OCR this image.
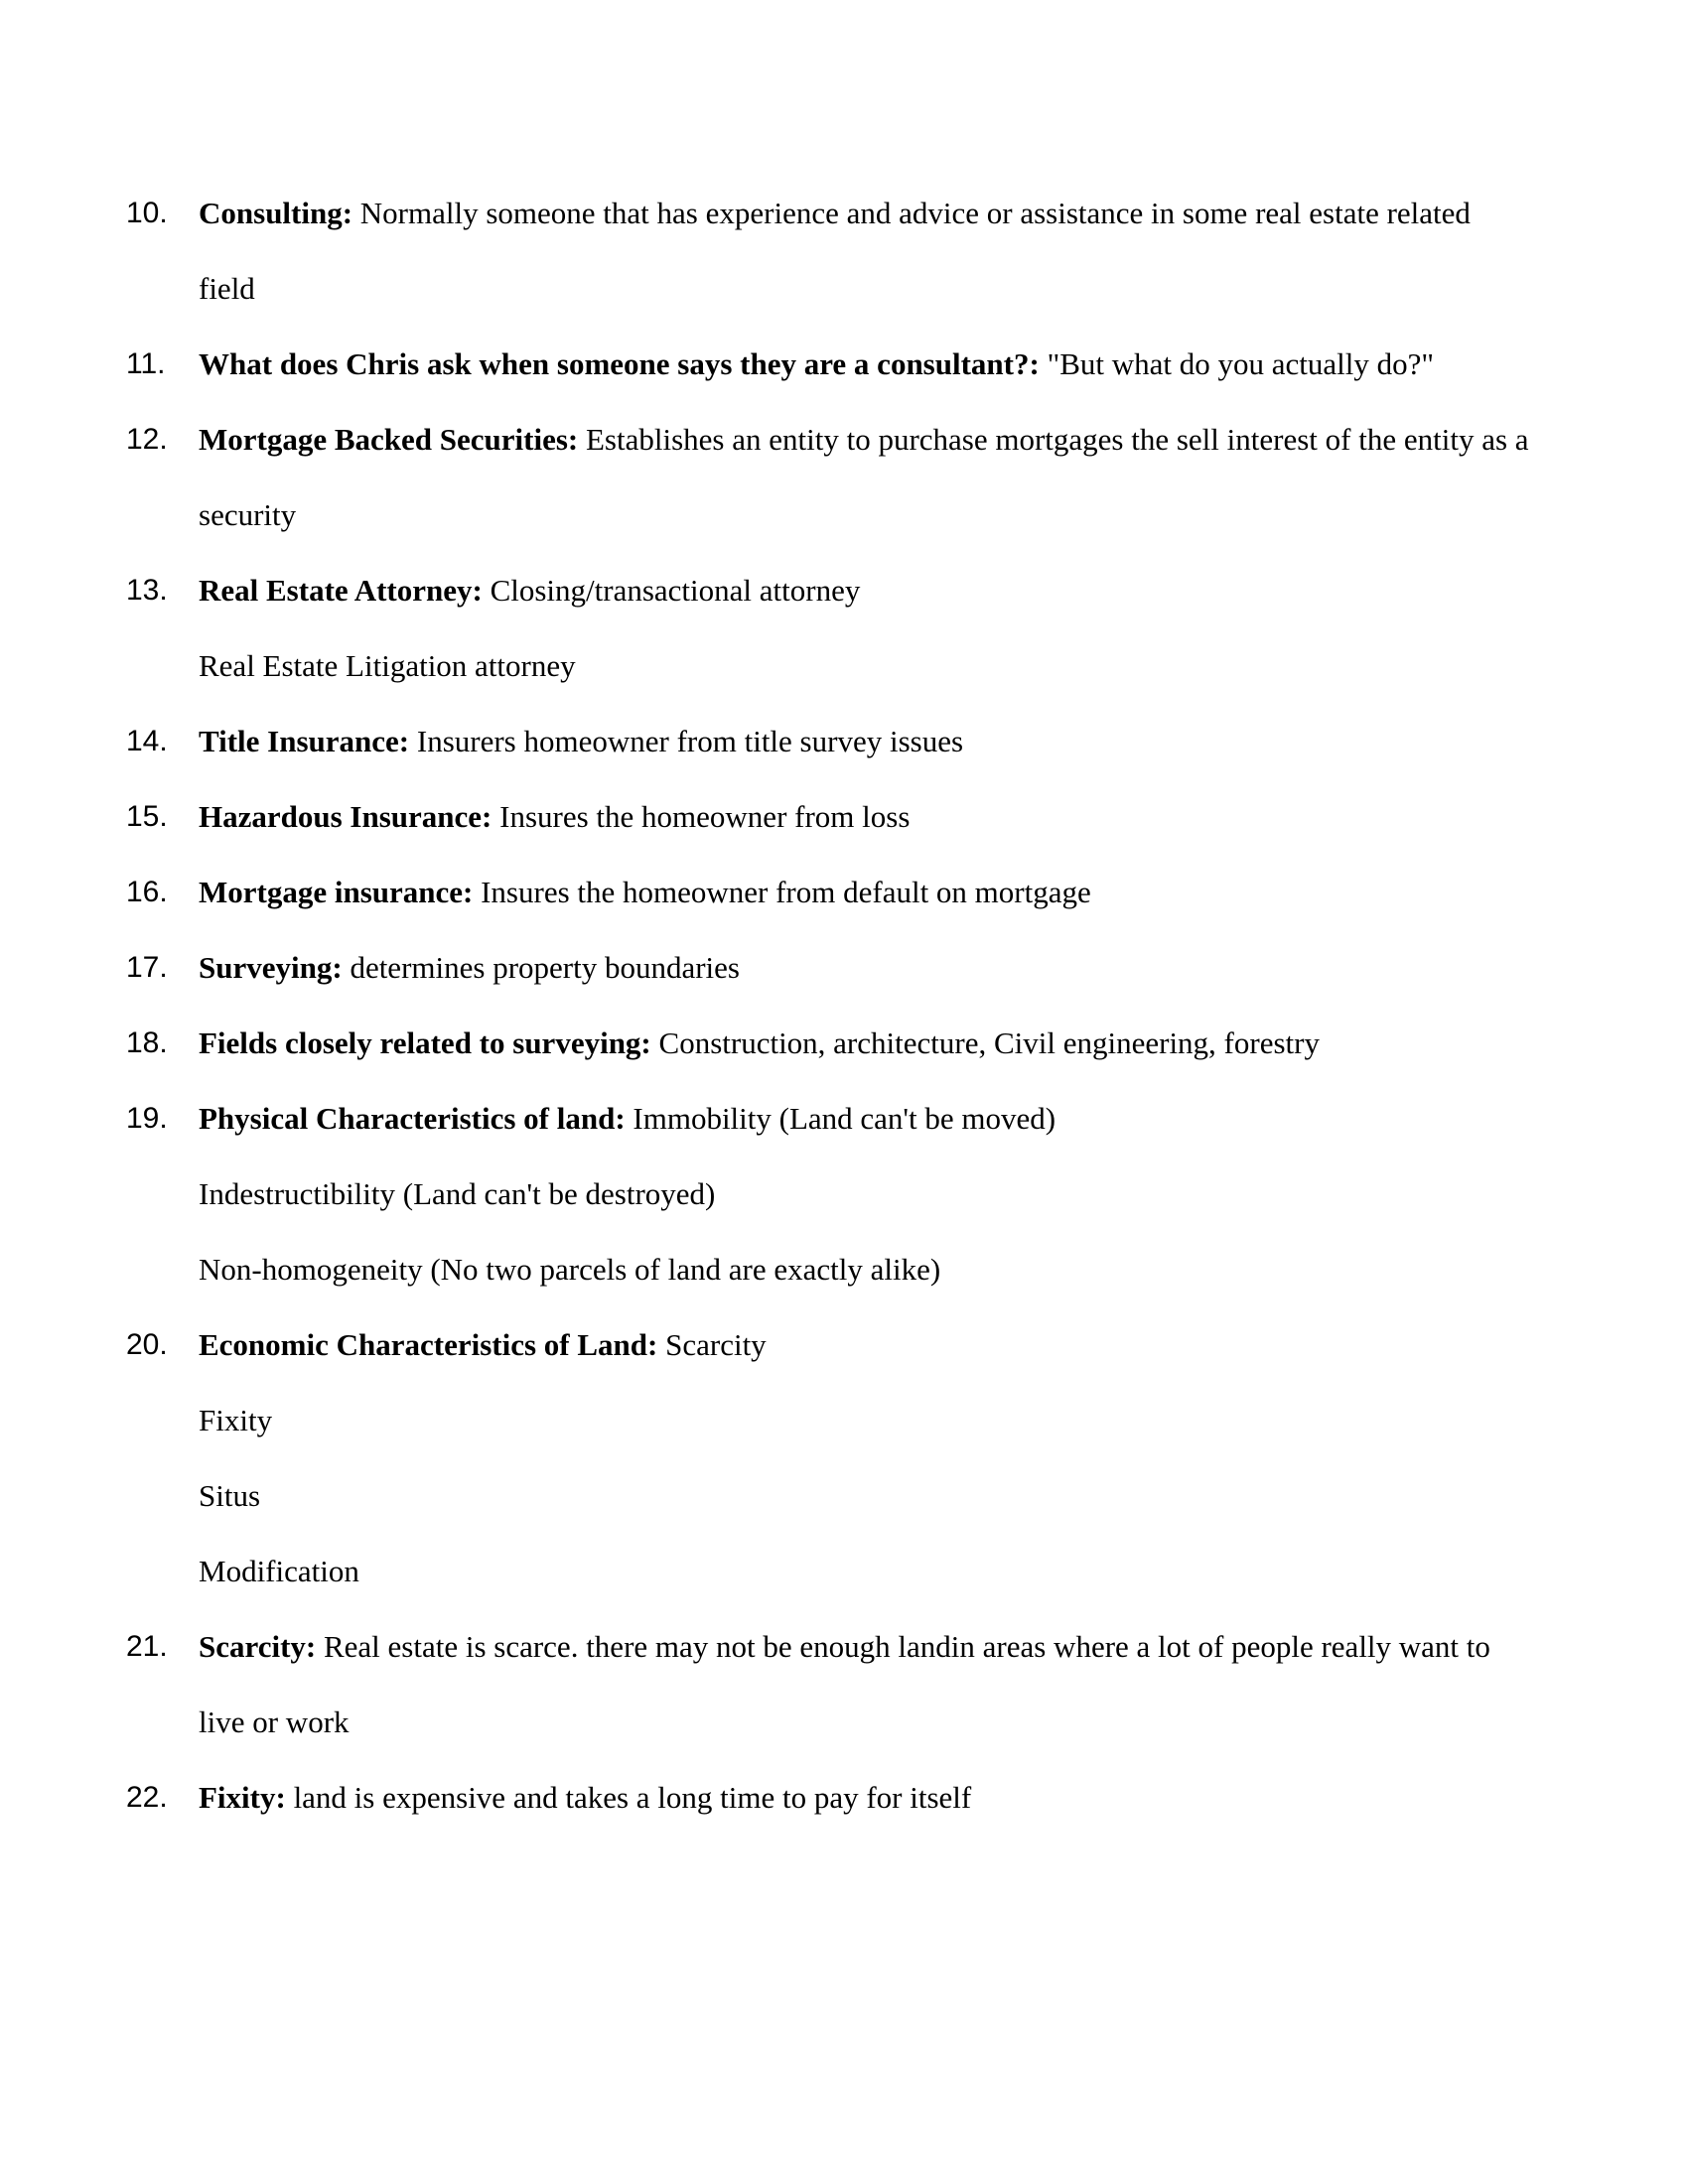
10.	Consulting: Normally someone that has experience and advice or assistance in some real estate related field

11.	What does Chris ask when someone says they are a consultant?: "But what do you actually do?"

12.	Mortgage Backed Securities: Establishes an entity to purchase mortgages the sell interest of the entity as a security

13.	Real Estate Attorney: Closing/transactional attorney

Real Estate Litigation attorney

14.	Title Insurance: Insurers homeowner from title survey issues

15.	Hazardous Insurance: Insures the homeowner from loss

16.	Mortgage insurance: Insures the homeowner from default on mortgage

17.	Surveying: determines property boundaries

18.	Fields closely related to surveying: Construction, architecture, Civil engineering, forestry

19.	Physical Characteristics of land: Immobility (Land can't be moved)

Indestructibility (Land can't be destroyed)

Non-homogeneity (No two parcels of land are exactly alike)

20.	Economic Characteristics of Land: Scarcity

Fixity

Situs

Modification

21.	Scarcity: Real estate is scarce. there may not be enough landin areas where a lot of people really want to live or work

22.	Fixity: land is expensive and takes a long time to pay for itself
